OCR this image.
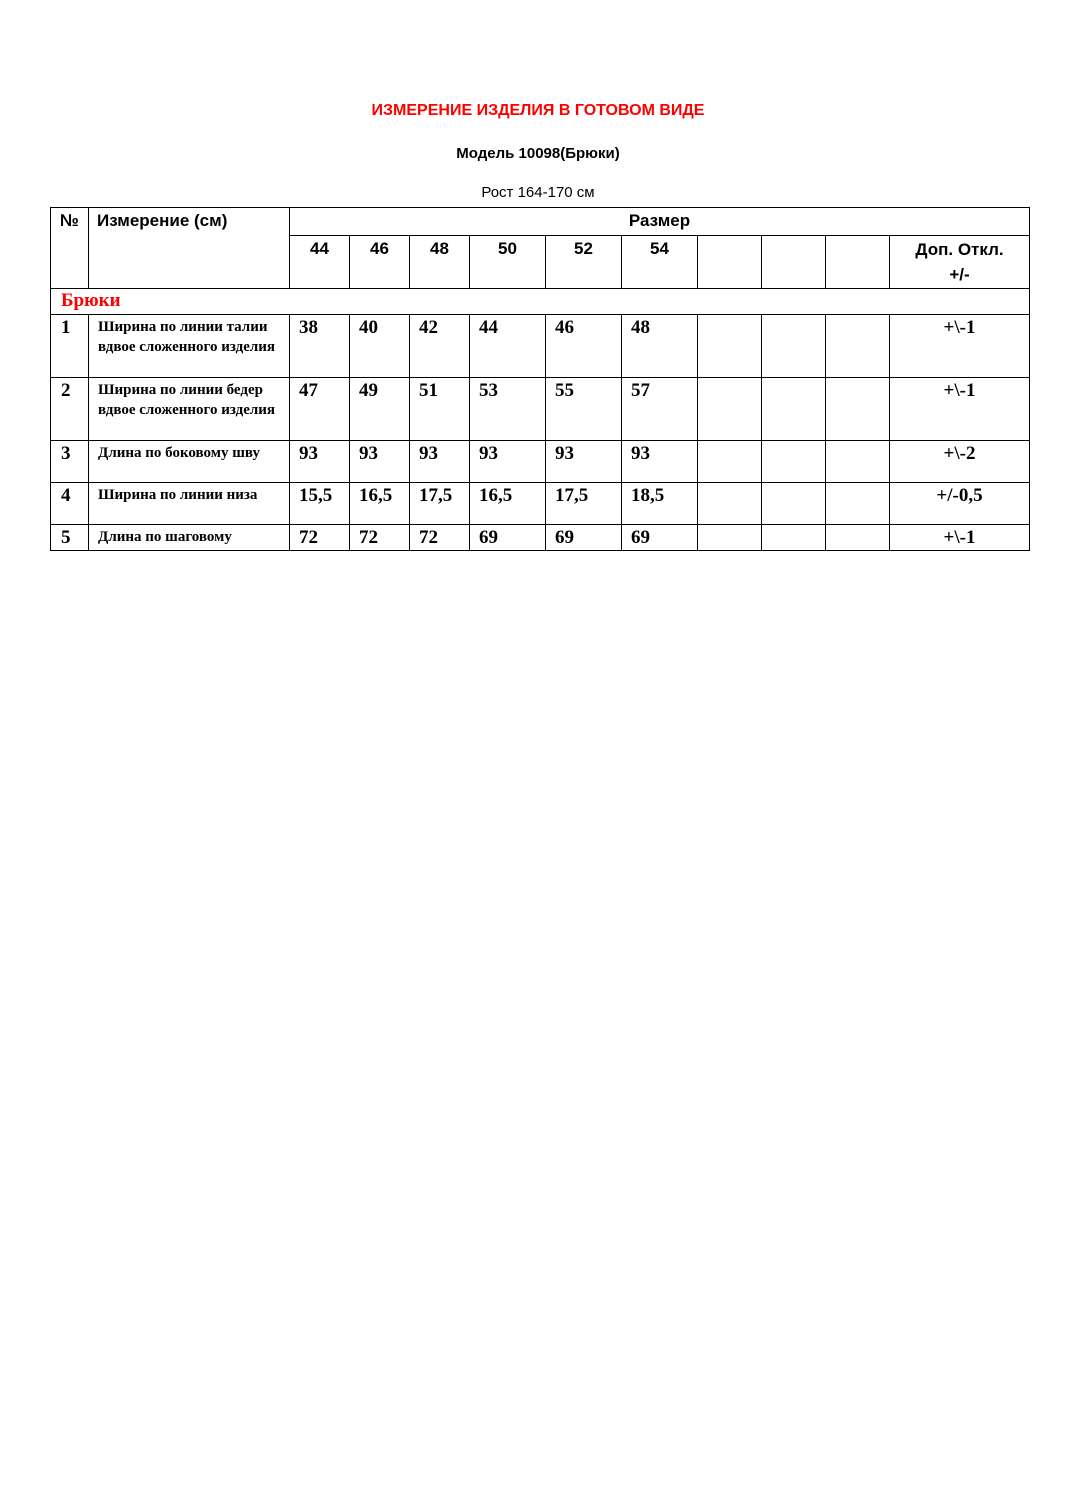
ИЗМЕРЕНИЕ ИЗДЕЛИЯ В ГОТОВОМ ВИДЕ
Модель 10098(Брюки)
Рост 164-170 см
№	Измерение (см)	Размер									
		44	46	48	50	52	54				Доп. Откл.
+/-

Брюки											
1	Ширина по линии талии вдвое сложенного изделия	38	40	42	44	46	48				+\-1
2	Ширина по линии бедер вдвое сложенного изделия	47	49	51	53	55	57				+\-1
3	Длина по боковому шву	93	93	93	93	93	93				+\-2
4	Ширина по линии низа	15,5	16,5	17,5	16,5	17,5	18,5				+/-0,5
5	Длина по шаговому	72	72	72	69	69	69				+\-1
